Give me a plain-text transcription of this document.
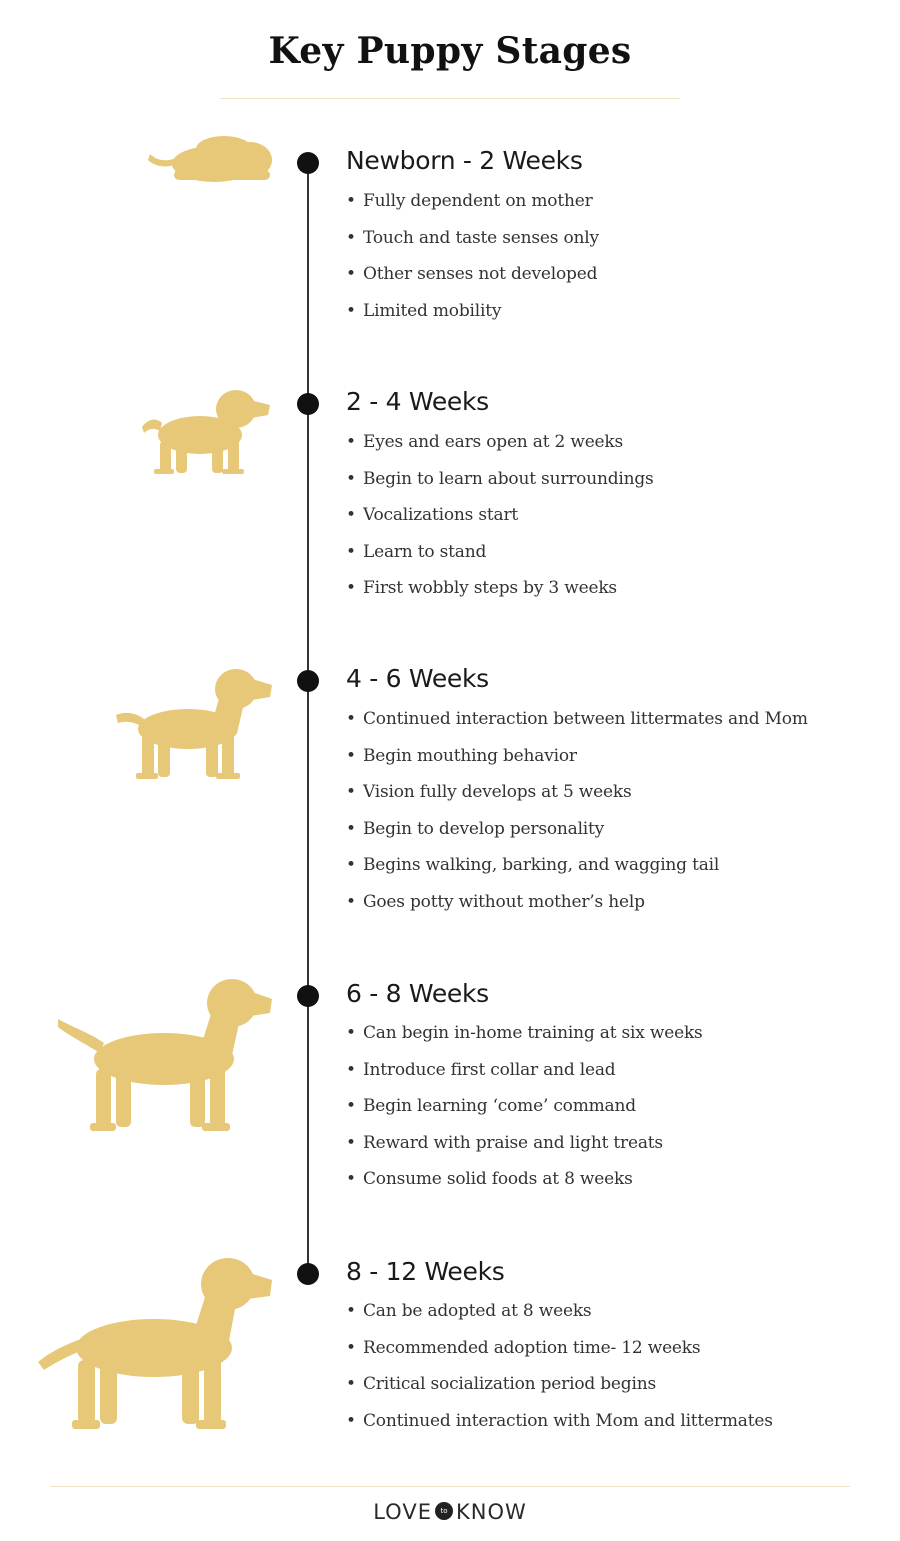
Key Puppy Stages
Newborn - 2 Weeks
• Fully dependent on mother
• Touch and taste senses only
• Other senses not developed
• Limited mobility
2 - 4 Weeks
• Eyes and ears open at 2 weeks
• Begin to learn about surroundings
• Vocalizations start
• Learn to stand
• First wobbly steps by 3 weeks
4 - 6 Weeks
• Continued interaction between littermates and Mom
• Begin mouthing behavior
• Vision fully develops at 5 weeks
• Begin to develop personality
• Begins walking, barking, and wagging tail
• Goes potty without mother’s help
6 - 8 Weeks
• Can begin in-home training at six weeks
• Introduce first collar and lead
• Begin learning ‘come’ command
• Reward with praise and light treats
• Consume solid foods at 8 weeks
8 - 12 Weeks
• Can be adopted at 8 weeks
• Recommended adoption time- 12 weeks
• Critical socialization period begins
• Continued interaction with Mom and littermates
LOVE to KNOW
